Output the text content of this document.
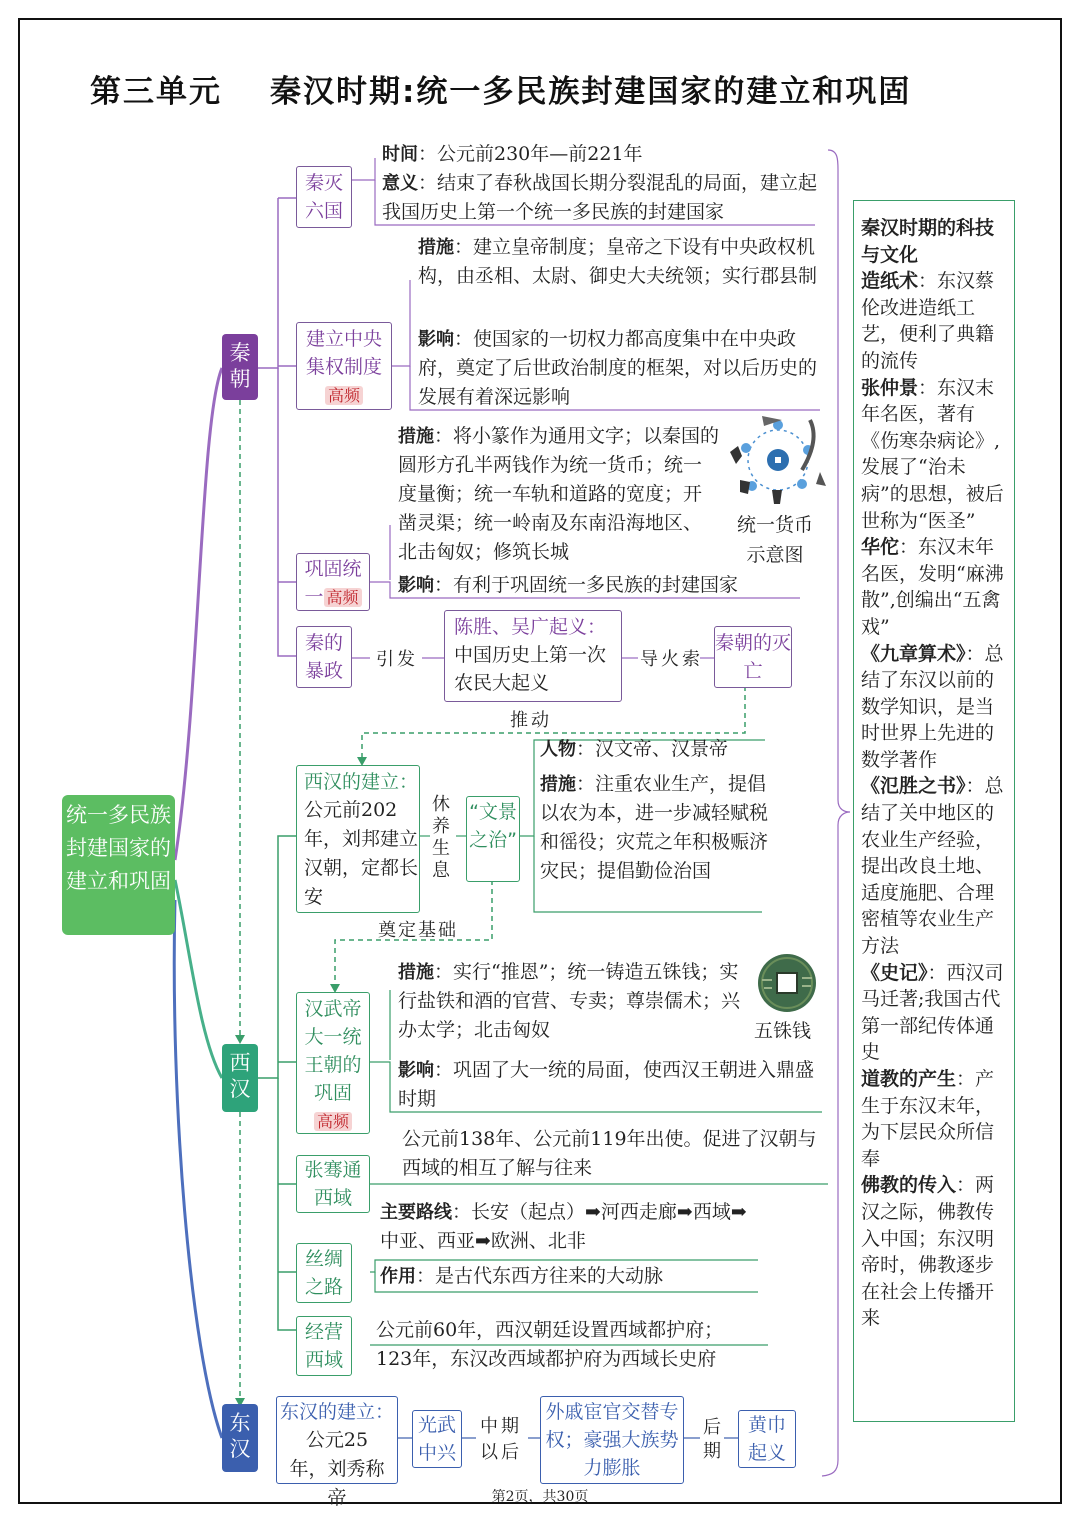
第三单元 秦汉时期:统一多民族封建国家的建立和巩固
统一多民族封建国家的建立和巩固
秦朝
西汉
东汉
秦灭六国
时间：公元前230年—前221年
意义：结束了春秋战国长期分裂混乱的局面，建立起我国历史上第一个统一多民族的封建国家
建立中央集权制度 高频
措施：建立皇帝制度；皇帝之下设有中央政权机构，由丞相、太尉、御史大夫统领；实行郡县制
影响：使国家的一切权力都高度集中在中央政府，奠定了后世政治制度的框架，对以后历史的发展有着深远影响
措施：将小篆作为通用文字；以秦国的圆形方孔半两钱作为统一货币；统一度量衡；统一车轨和道路的宽度；开凿灵渠；统一岭南及东南沿海地区、北击匈奴；修筑长城
统一货币示意图
巩固统一 高频
影响：有利于巩固统一多民族的封建国家
秦的暴政
引发
陈胜、吴广起义：
中国历史上第一次农民大起义
导火索
秦朝的灭亡
推动
西汉的建立：
公元前202年，刘邦建立汉朝，定都长安
休养生息
“文景之治”
人物：汉文帝、汉景帝
措施：注重农业生产，提倡以农为本，进一步减轻赋税和徭役；灾荒之年积极赈济灾民；提倡勤俭治国
奠定基础
汉武帝大一统王朝的巩固
高频
措施：实行“推恩”；统一铸造五铢钱；实行盐铁和酒的官营、专卖；尊崇儒术；兴办太学；北击匈奴	五铢钱
影响：巩固了大一统的局面，使西汉王朝进入鼎盛时期
张骞通西域
公元前138年、公元前119年出使。促进了汉朝与西域的相互了解与往来
丝绸之路
主要路线：长安（起点）➡河西走廊➡西域➡中亚、西亚➡欧洲、北非
作用：是古代东西方往来的大动脉
经营西域
公元前60年，西汉朝廷设置西域都护府；
123年，东汉改西域都护府为西域长史府
东汉的建立：
公元25年，刘秀称帝
光武中兴
中期以后
外戚宦官交替专权；豪强大族势力膨胀
后期
黄巾起义
秦汉时期的科技与文化
造纸术：东汉蔡伦改进造纸工艺，便利了典籍的流传
张仲景：东汉末年名医，著有《伤寒杂病论》,发展了“治未病”的思想，被后世称为“医圣”
华佗：东汉末年名医，发明“麻沸散”,创编出“五禽戏”
《九章算术》：总结了东汉以前的数学知识，是当时世界上先进的数学著作
《氾胜之书》：总结了关中地区的农业生产经验，提出改良土地、适度施肥、合理密植等农业生产方法
《史记》：西汉司马迁著;我国古代第一部纪传体通史
道教的产生：产生于东汉末年，为下层民众所信奉
佛教的传入：两汉之际，佛教传入中国；东汉明帝时，佛教逐步在社会上传播开来
第2页，共30页
